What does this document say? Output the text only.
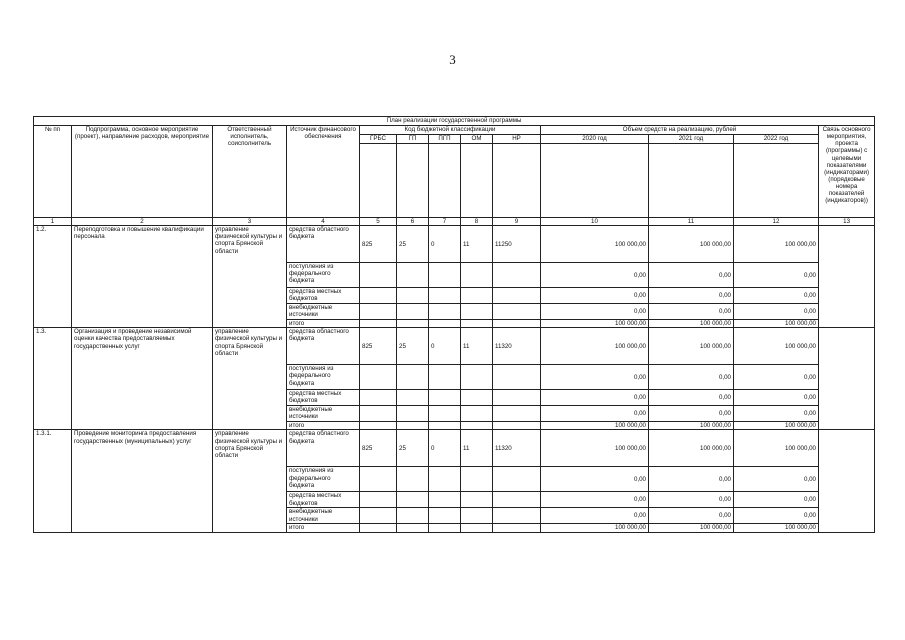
3
План реализации государственной программы												
№ пп	Подпрограмма, основное мероприятие (проект), направление расходов, мероприятие	Ответственный исполнитель, соисполнитель	Источник финансового обеспечения	Код бюджетной классификации					Объем средств на реализацию, рублей			Связь основного мероприятия, проекта (программы) с целевыми показателями (индикаторами) (порядковые номера показателей (индикаторов))
				ГРБС	ГП	ПГП	ОМ	НР	2020 год	2021 год	2022 год	

1	2	3	4	5	6	7	8	9	10	11	12	13
1.2.	Переподготовка и повышение квалификации персонала	управление физической культуры и спорта Брянской области	средства областного бюджета	825	25	0	11	11250	100 000,00	100 000,00	100 000,00	
			поступления из федерального бюджета						0,00	0,00	0,00	
			средства местных бюджетов						0,00	0,00	0,00	
			внебюджетные источники						0,00	0,00	0,00	
			итого						100 000,00	100 000,00	100 000,00	
1.3.	Организация и проведение независимой оценки качества предоставляемых государственных услуг	управление физической культуры и спорта Брянской области	средства областного бюджета	825	25	0	11	11320	100 000,00	100 000,00	100 000,00	
			поступления из федерального бюджета						0,00	0,00	0,00	
			средства местных бюджетов						0,00	0,00	0,00	
			внебюджетные источники						0,00	0,00	0,00	
			итого						100 000,00	100 000,00	100 000,00	
1.3.1.	Проведение мониторинга предоставления государственных (муниципальных) услуг	управление физической культуры и спорта Брянской области	средства областного бюджета	825	25	0	11	11320	100 000,00	100 000,00	100 000,00	
			поступления из федерального бюджета						0,00	0,00	0,00	
			средства местных бюджетов						0,00	0,00	0,00	
			внебюджетные источники						0,00	0,00	0,00	
			итого						100 000,00	100 000,00	100 000,00	
